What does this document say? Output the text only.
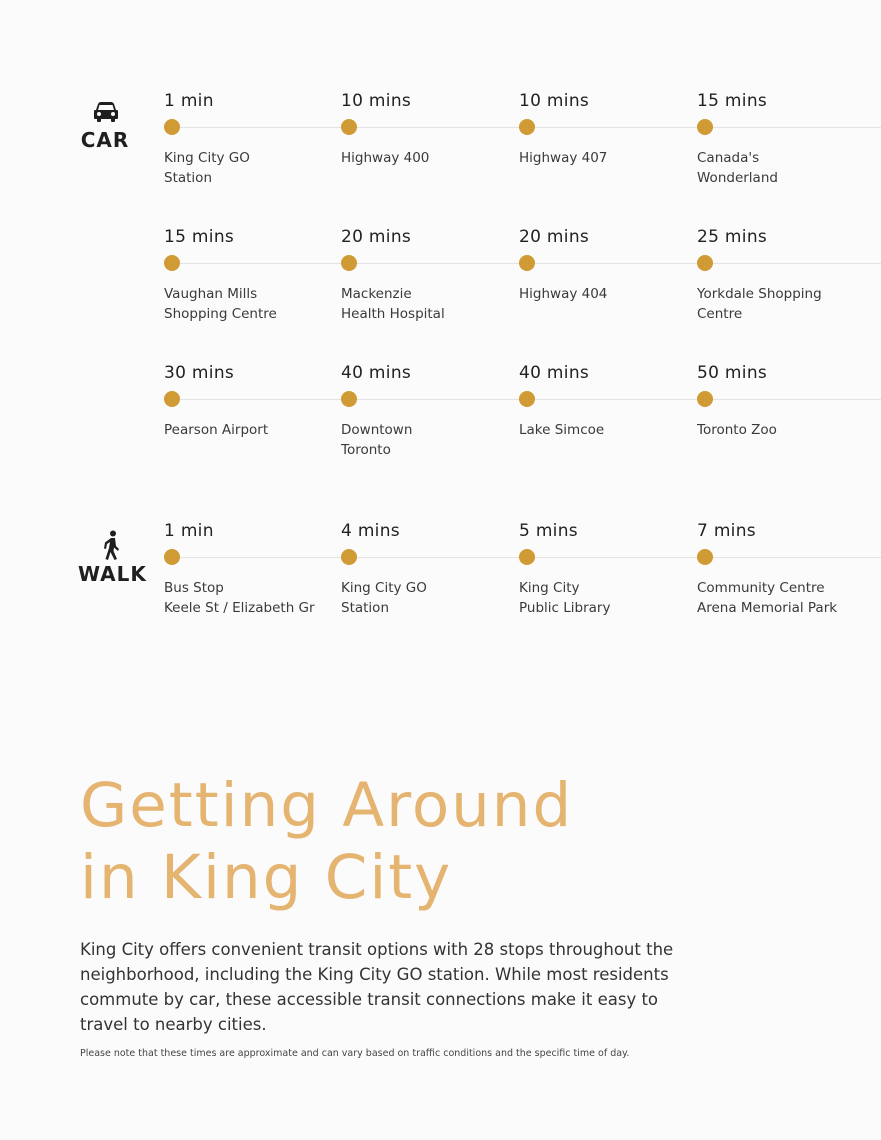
CAR
1 min
King City GO
Station
10 mins
Highway 400
10 mins
Highway 407
15 mins
Canada's
Wonderland
15 mins
Vaughan Mills
Shopping Centre
20 mins
Mackenzie
Health Hospital
20 mins
Highway 404
25 mins
Yorkdale Shopping
Centre
30 mins
Pearson Airport
40 mins
Downtown
Toronto
40 mins
Lake Simcoe
50 mins
Toronto Zoo
WALK
1 min
Bus Stop
Keele St / Elizabeth Gr
4 mins
King City GO
Station
5 mins
King City
Public Library
7 mins
Community Centre
Arena Memorial Park
Getting Around
in King City
King City offers convenient transit options with 28 stops throughout the neighborhood, including the King City GO station. While most residents commute by car, these accessible transit connections make it easy to travel to nearby cities.
Please note that these times are approximate and can vary based on traffic conditions and the specific time of day.
